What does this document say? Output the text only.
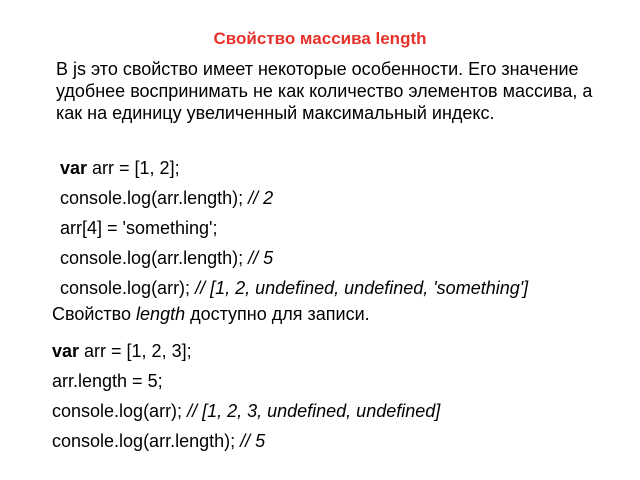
Свойство массива length
В js это свойство имеет некоторые особенности. Его значение удобнее воспринимать не как количество элементов массива, а как на единицу увеличенный максимальный индекс.
var arr = [1, 2];
console.log(arr.length); // 2
arr[4] = 'something';
console.log(arr.length); // 5
console.log(arr); // [1, 2, undefined, undefined, 'something']
Свойство length доступно для записи.
var arr = [1, 2, 3];
arr.length = 5;
console.log(arr); // [1, 2, 3, undefined, undefined]
console.log(arr.length); // 5
